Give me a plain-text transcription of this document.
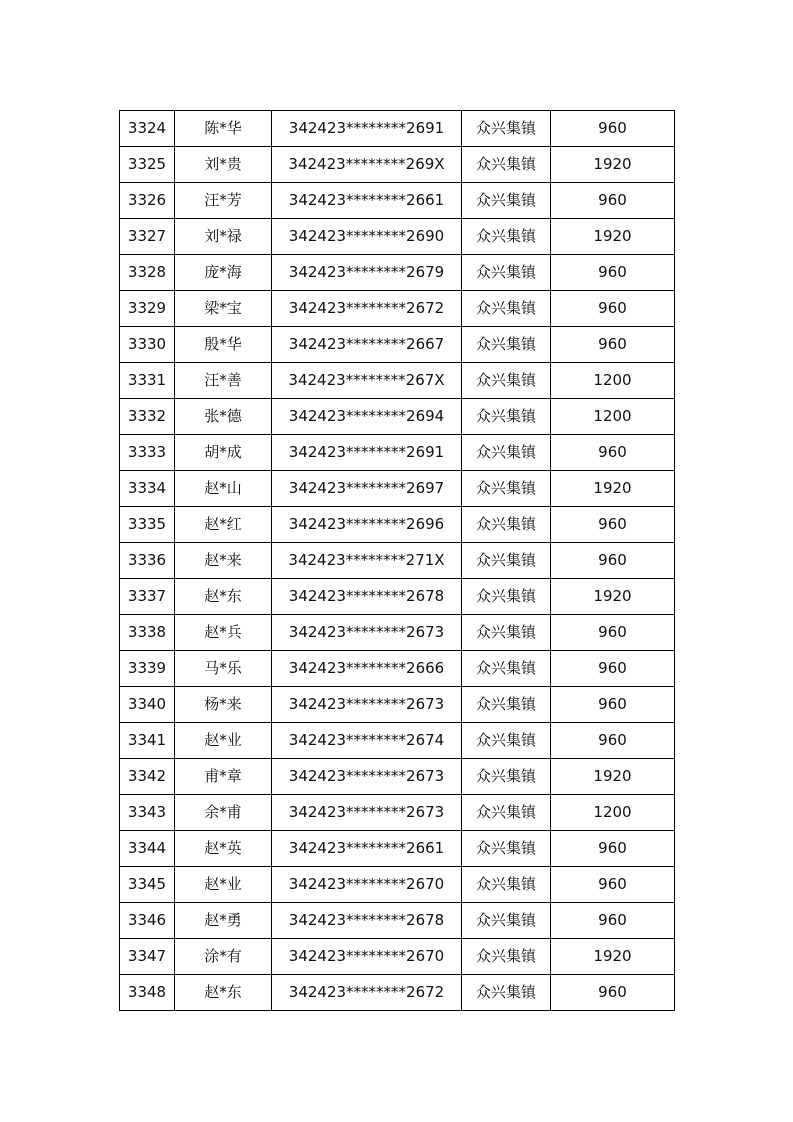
3324	陈*华	342423********2691	众兴集镇	960
3325	刘*贵	342423********269X	众兴集镇	1920
3326	汪*芳	342423********2661	众兴集镇	960
3327	刘*禄	342423********2690	众兴集镇	1920
3328	庞*海	342423********2679	众兴集镇	960
3329	梁*宝	342423********2672	众兴集镇	960
3330	殷*华	342423********2667	众兴集镇	960
3331	汪*善	342423********267X	众兴集镇	1200
3332	张*德	342423********2694	众兴集镇	1200
3333	胡*成	342423********2691	众兴集镇	960
3334	赵*山	342423********2697	众兴集镇	1920
3335	赵*红	342423********2696	众兴集镇	960
3336	赵*来	342423********271X	众兴集镇	960
3337	赵*东	342423********2678	众兴集镇	1920
3338	赵*兵	342423********2673	众兴集镇	960
3339	马*乐	342423********2666	众兴集镇	960
3340	杨*来	342423********2673	众兴集镇	960
3341	赵*业	342423********2674	众兴集镇	960
3342	甫*章	342423********2673	众兴集镇	1920
3343	余*甫	342423********2673	众兴集镇	1200
3344	赵*英	342423********2661	众兴集镇	960
3345	赵*业	342423********2670	众兴集镇	960
3346	赵*勇	342423********2678	众兴集镇	960
3347	涂*有	342423********2670	众兴集镇	1920
3348	赵*东	342423********2672	众兴集镇	960
